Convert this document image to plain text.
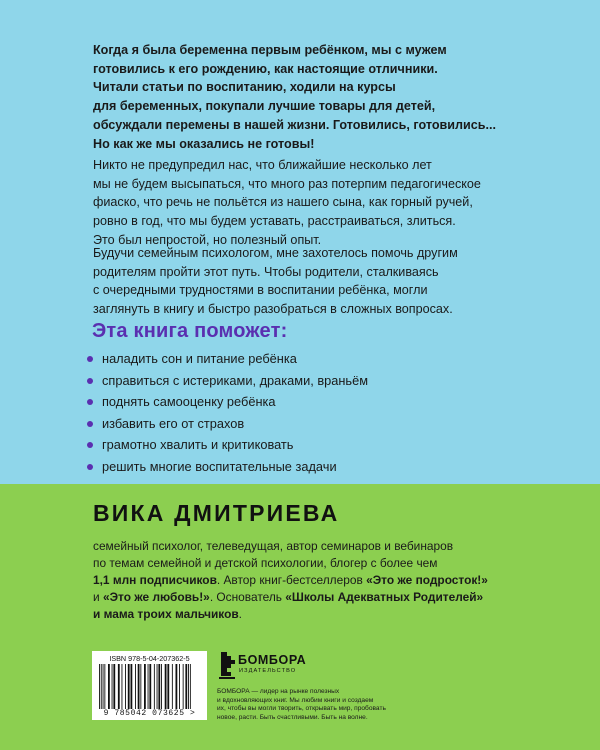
Когда я была беременна первым ребёнком, мы с мужем
готовились к его рождению, как настоящие отличники.
Читали статьи по воспитанию, ходили на курсы
для беременных, покупали лучшие товары для детей,
обсуждали перемены в нашей жизни. Готовились, готовились...
Но как же мы оказались не готовы!
Никто не предупредил нас, что ближайшие несколько лет
мы не будем высыпаться, что много раз потерпим педагогическое
фиаско, что речь не польётся из нашего сына, как горный ручей,
ровно в год, что мы будем уставать, расстраиваться, злиться.
Это был непростой, но полезный опыт.
Будучи семейным психологом, мне захотелось помочь другим
родителям пройти этот путь. Чтобы родители, сталкиваясь
с очередными трудностями в воспитании ребёнка, могли
заглянуть в книгу и быстро разобраться в сложных вопросах.
Эта книга поможет:
наладить сон и питание ребёнка
справиться с истериками, драками, враньём
поднять самооценку ребёнка
избавить его от страхов
грамотно хвалить и критиковать
решить многие воспитательные задачи
ВИКА ДМИТРИЕВА
семейный психолог, телеведущая, автор семинаров и вебинаров
по темам семейной и детской психологии, блогер с более чем
1,1 млн подписчиков. Автор книг-бестселлеров «Это же подросток!»
и «Это же любовь!». Основатель «Школы Адекватных Родителей»
и мама троих мальчиков.
ISBN 978-5-04-207362-5
9 785042 073625 >
БОМБОРА
ИЗДАТЕЛЬСТВО
БОМБОРА — лидер на рынке полезных
и вдохновляющих книг. Мы любим книги и создаем
их, чтобы вы могли творить, открывать мир, пробовать
новое, расти. Быть счастливыми. Быть на волне.
